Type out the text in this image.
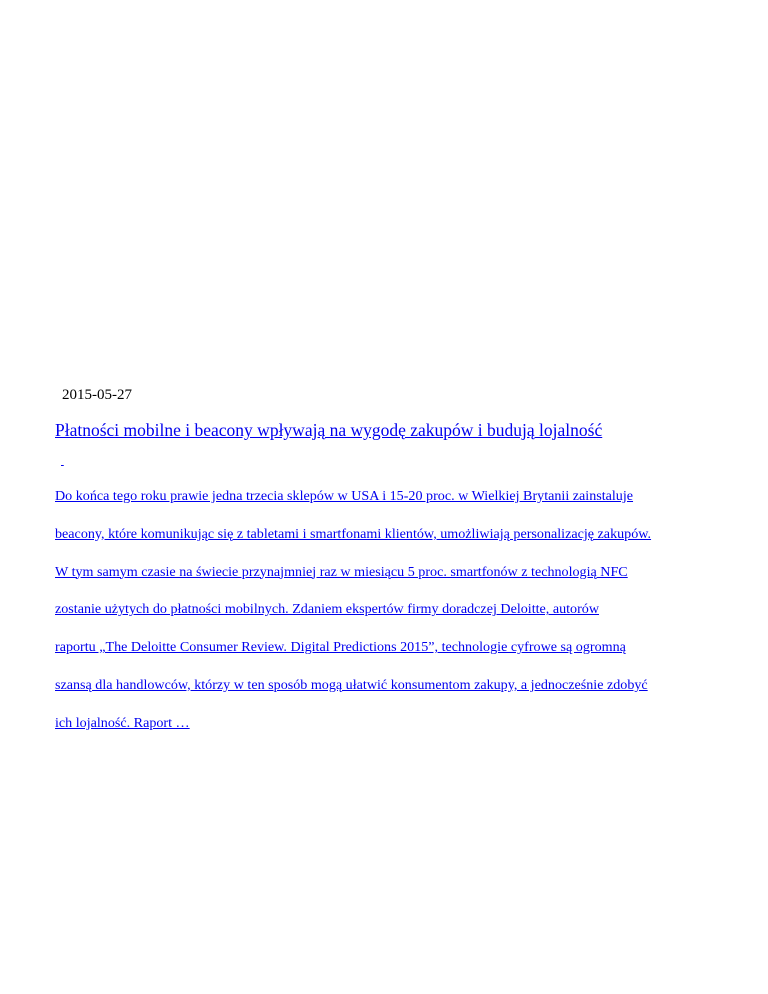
2015-05-27
Płatności mobilne i beacony wpływają na wygodę zakupów i budują lojalność

Do końca tego roku prawie jedna trzecia sklepów w USA i 15-20 proc. w Wielkiej Brytanii zainstaluje

beacony, które komunikując się z tabletami i smartfonami klientów, umożliwiają personalizację zakupów.

W tym samym czasie na świecie przynajmniej raz w miesiącu 5 proc. smartfonów z technologią NFC

zostanie użytych do płatności mobilnych. Zdaniem ekspertów firmy doradczej Deloitte, autorów

raportu „The Deloitte Consumer Review. Digital Predictions 2015”, technologie cyfrowe są ogromną

szansą dla handlowców, którzy w ten sposób mogą ułatwić konsumentom zakupy, a jednocześnie zdobyć

ich lojalność. Raport …
